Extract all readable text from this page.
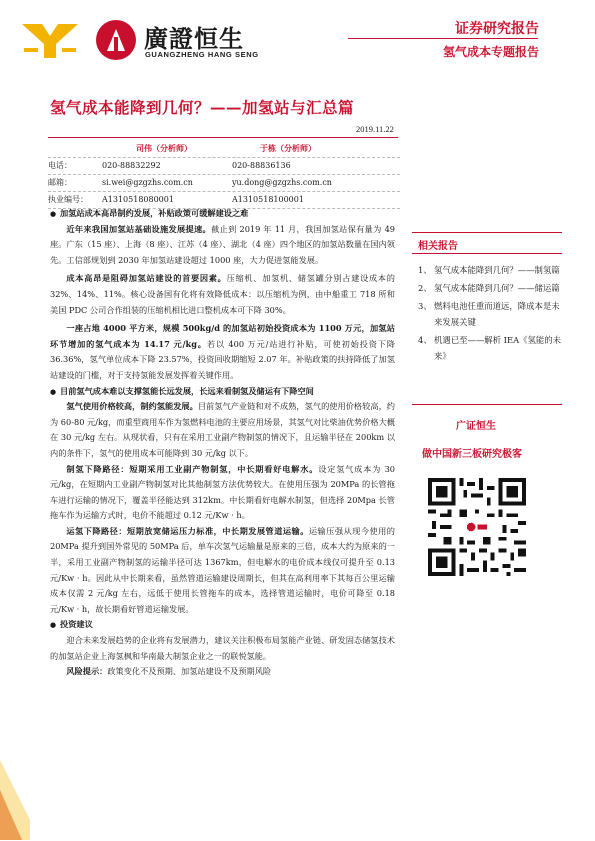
廣證恒生
GUANGZHENG HANG SENG
证券研究报告
氢气成本专题报告
氢气成本能降到几何？——加氢站与汇总篇
2019.11.22
司伟（分析师）	于栋（分析师）
电话：	020-88832292	020-88836136
邮箱：	si.wei@gzgzhs.com.cn	yu.dong@gzgzhs.com.cn
执业编号：	A1310518080001	A1310518100001
● 加氢站成本高昂制约发展，补贴政策可缓解建设之难

近年来我国加氢站基础设施发展提速。截止到 2019 年 11 月，我国加氢站保有量为 49 座。广东（15 座）、上海（8 座）、江苏（4 座）、湖北（4 座）四个地区的加氢站数量在国内领先。工信部规划到 2030 年加氢站建设超过 1000 座，大力促进氢能发展。

成本高昂是阻碍加氢站建设的首要因素。压缩机、加氢机、储氢罐分别占建设成本的 32%、14%、11%。核心设备国有化将有效降低成本：以压缩机为例，由中船重工 718 所和美国 PDC 公司合作组装的压缩机相比进口整机成本可下降 30%。

一座占地 4000 平方米，规模 500kg/d 的加氢站初始投资成本为 1100 万元，加氢站环节增加的氢气成本为 14.17 元/kg。若以 400 万元/站进行补贴，可使初始投资下降 36.36%，氢气单位成本下降 23.57%，投资回收期缩短 2.07 年。补贴政策的扶持降低了加氢站建设的门槛，对于支持氢能发展发挥着关键作用。

● 目前氢气成本难以支撑氢能长远发展，长远来看制氢及储运有下降空间

氢气使用价格较高，制约氢能发展。目前氢气产业链和对不成熟，氢气的使用价格较高，约为 60-80 元/kg，而重型商用车作为氢燃料电池的主要应用场景，其氢气对比柴油优势价格大概在 30 元/kg 左右。从现状看，只有在采用工业副产物制氢的情况下，且运输半径在 200km 以内的条件下，氢气的使用成本可能降到 30 元/kg 以下。

制氢下降路径：短期采用工业副产物制氢，中长期看好电解水。设定氢气成本为 30 元/kg，在短期内工业副产物制氢对比其他制氢方法优势较大。在使用压强为 20MPa 的长管拖车进行运输的情况下，覆盖半径能达到 312km。中长期看好电解水制氢，但选择 20Mpa 长管拖车作为运输方式时，电价不能超过 0.12 元/Kw · h。

运氢下降路径：短期放宽储运压力标准，中长期发展管道运输。运输压强从现今使用的 20MPa 提升到国外常见的 50MPa 后，单车次氢气运输量是原来的三倍，成本大约为原来的一半，采用工业副产物制氢的运输半径可达 1367km，但电解水的电价成本线仅可提升至 0.13 元/Kw · h。因此从中长期来看，虽然管道运输建设周期长，但其在高利用率下其每百公里运输成本仅需 2 元/kg 左右，远低于使用长管拖车的成本，选择管道运输时，电价可降至 0.18 元/Kw · h，故长期看好管道运输发展。

● 投资建议

迎合未来发展趋势的企业将有发展潜力，建议关注积极布局氢能产业链、研发固态储氢技术的加氢站企业上海氢枫和华南最大制氢企业之一的联悦氢能。

风险提示：政策变化不及预期、加氢站建设不及预期风险

相关报告
1、 氢气成本能降到几何？——制氢篇
2、 氢气成本能降到几何？——储运篇
3、 燃料电池任重而道远，降成本是未来发展关键
4、 机遇已至——解析 IEA《氢能的未来》
广证恒生
做中国新三板研究极客
